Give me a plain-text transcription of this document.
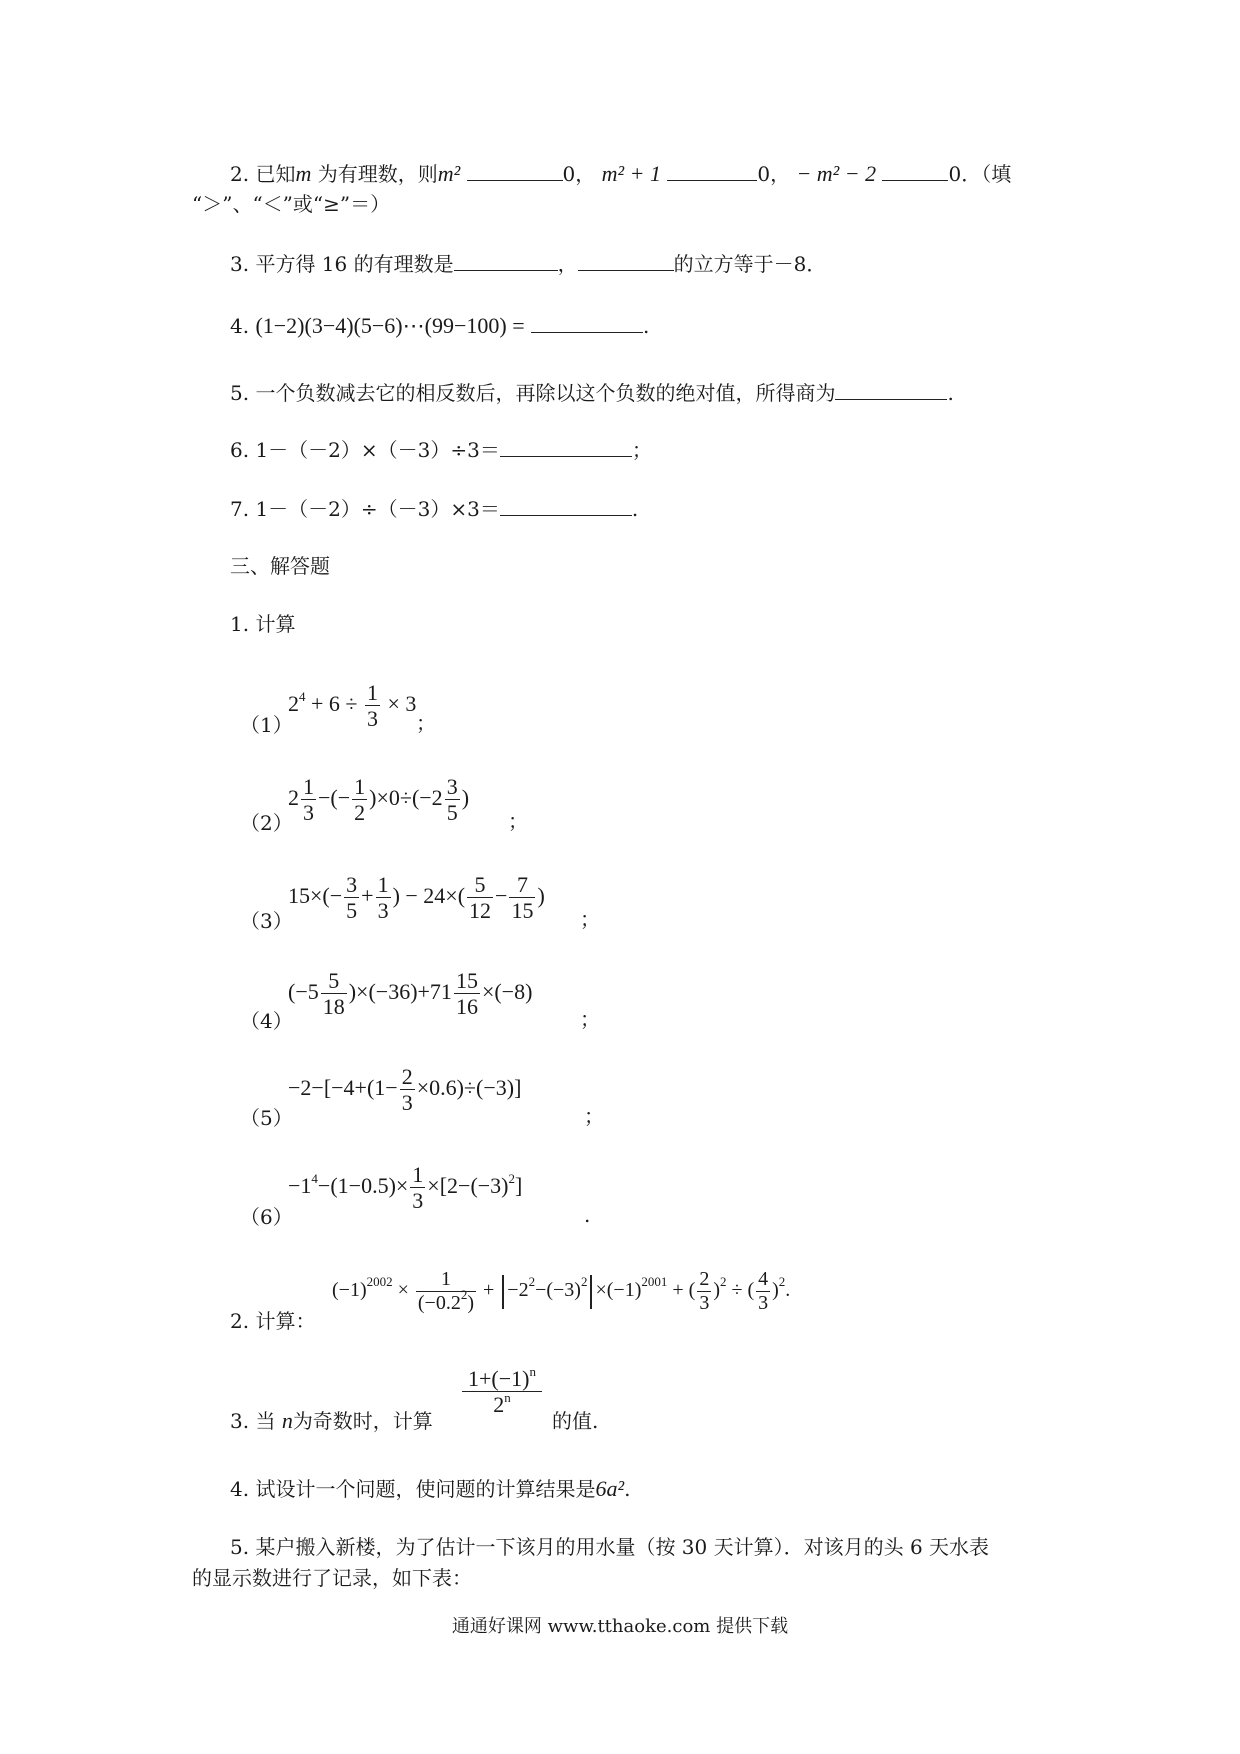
2. 已知m 为有理数，则m²	0， m² + 1	0， − m² − 2	0．（填
“＞”、“＜”或“≥”＝）
3. 平方得 16 的有理数是	，	的立方等于－8．
4. (1−2)(3−4)(5−6)⋯(99−100) =	.
5. 一个负数减去它的相反数后，再除以这个负数的绝对值，所得商为	.
6. 1－（－2）×（－3）÷3＝	；
7. 1－（－2）÷（－3）×3＝	.
三、解答题
1. 计算
$2^4 + 6 \div \frac{1}{3} \times 3$
（1）	；
$2 \frac{1}{3}$ −(− $\frac{1}{2} )\times 0\div(-2 \frac{3}{5}$ )
（2）	；
$15\times(- \frac{3}{5} + \frac{1}{3}$ ) − $24\times( \frac{5}{12} - \frac{7}{15}$ )
（3）	；
$(-5 \frac{5}{18} )\times(-36)+71 \frac{15}{16} \times(-8)$
（4）	；
$-2-[-4+(1- \frac{2}{3} \times 0.6)\div(-3)]$
（5）	；
$-1^4-(1-0.5)\times \frac{1}{3} \times[2-(-3)^2]$
（6）	.
$(-1)^{2002} \times \frac{1}{(-0.2^2)} + -2^2-(-3)^2 \times(-1)^{2001}$ + ( $\frac{2}{3} )^2$ ÷ ( $\frac{4}{3} )^2$.
2. 计算：
$\frac{1+(-1)^n}{2^n}$
3. 当 n为奇数时，计算	的值.
4. 试设计一个问题，使问题的计算结果是6a².
5. 某户搬入新楼，为了估计一下该月的用水量（按 30 天计算）．对该月的头 6 天水表
的显示数进行了记录，如下表：
通通好课网 www.tthaoke.com 提供下载
